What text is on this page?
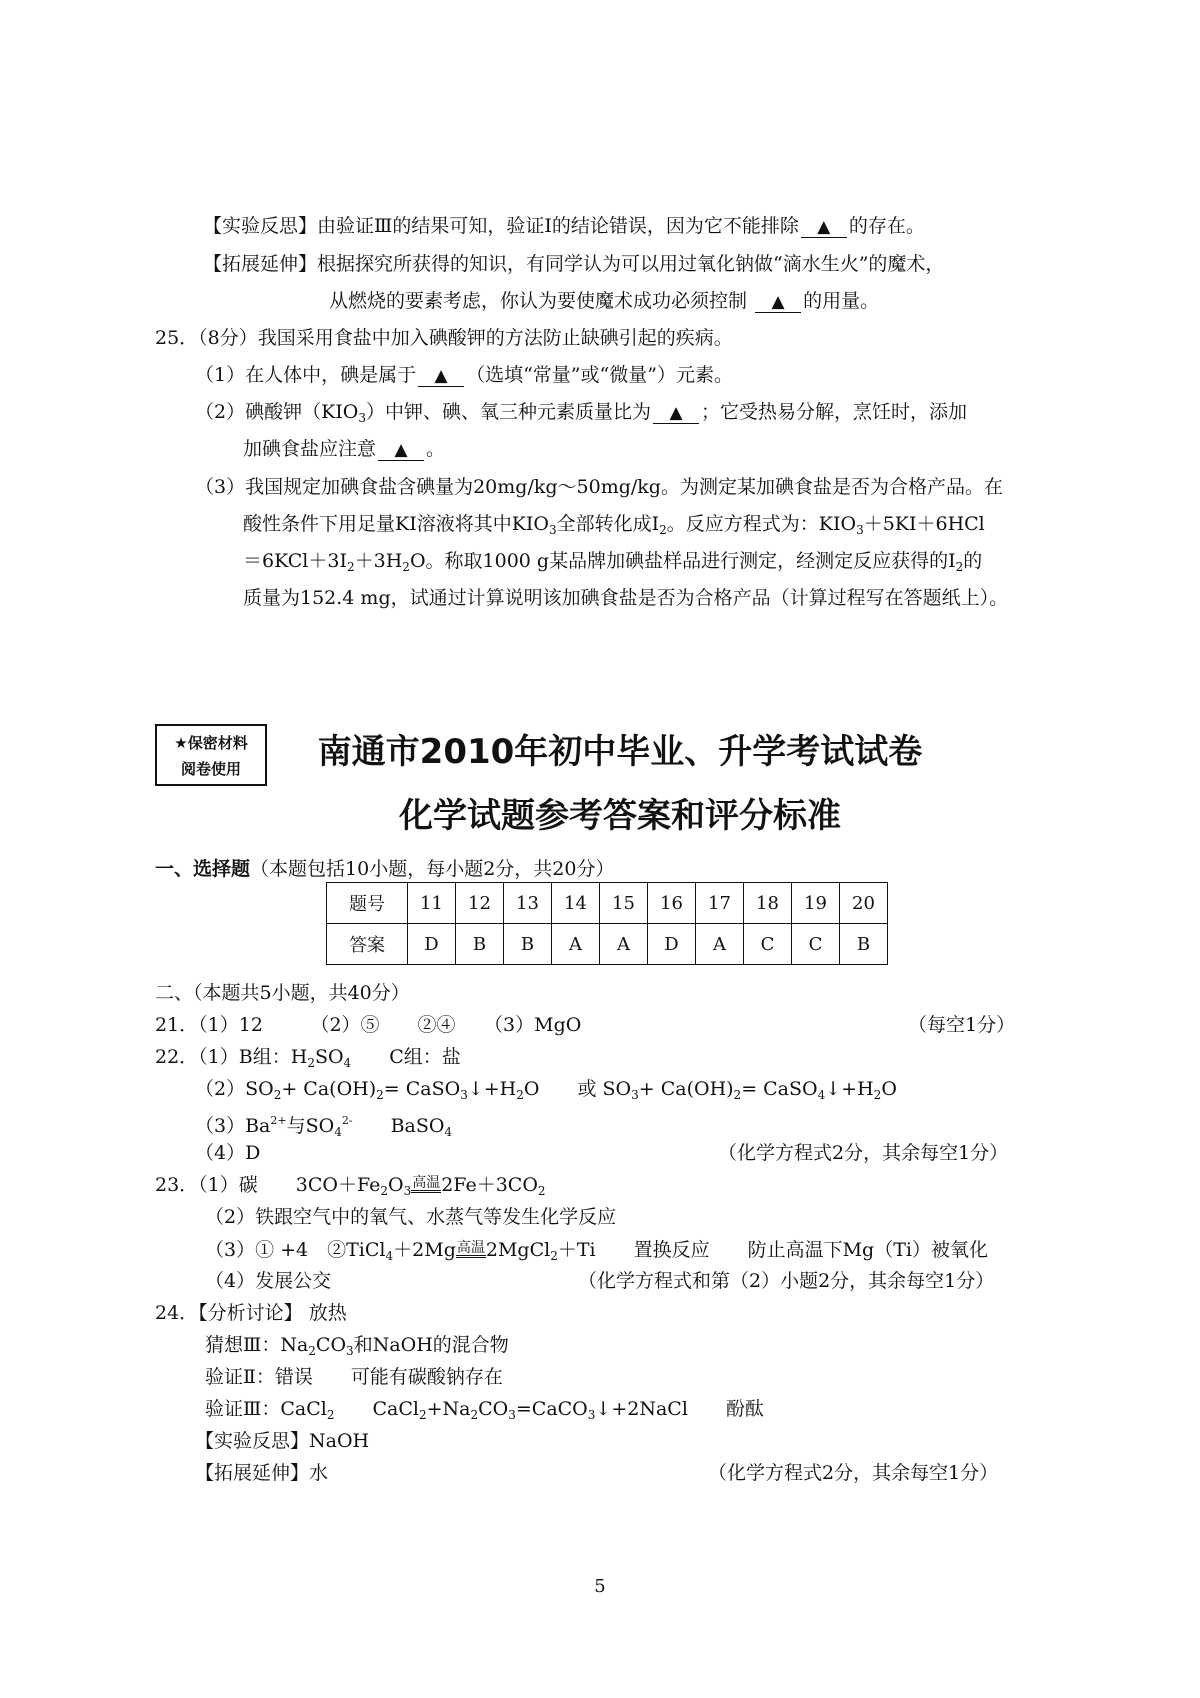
【实验反思】由验证Ⅲ的结果可知，验证Ⅰ的结论错误，因为它不能排除 ▲ 的存在。
【拓展延伸】根据探究所获得的知识，有同学认为可以用过氧化钠做“滴水生火”的魔术，
从燃烧的要素考虑，你认为要使魔术成功必须控制 ▲ 的用量。
25．（8分）我国采用食盐中加入碘酸钾的方法防止缺碘引起的疾病。
（1）在人体中，碘是属于 ▲ （选填“常量”或“微量”）元素。
（2）碘酸钾$(KIO_3)$中钾、碘、氧三种元素质量比为 ▲ ；它受热易分解，烹饪时，添加
加碘食盐应注意 ▲ 。
（3）我国规定加碘食盐含碘量为20mg/kg～50mg/kg。为测定某加碘食盐是否为合格产品。在
酸性条件下用足量KI溶液将其中$KIO_3$全部转化成$I_2$。反应方程式为：$KIO_3+5KI+6HCl$
$=6KCl+3I_2+3H_2O$。称取1000 g某品牌加碘盐样品进行测定，经测定反应获得的$I_2$的
质量为152.4 mg，试通过计算说明该加碘食盐是否为合格产品（计算过程写在答题纸上）。
★保密材料
阅卷使用	南通市2010年初中毕业、升学考试试卷
化学试题参考答案和评分标准
一、选择题（本题包括10小题，每小题2分，共20分）
题号	11	12	13	14	15	16	17	18	19	20
答案	D	B	B	A	A	D	A	C	C	B
二、（本题共5小题，共40分）
21．（1）12　　　（2）⑤　　②④　　（3）MgO	（每空1分）
22．（1）B组：$H_2SO_4$　　C组：盐
$(2)SO_2+ Ca(OH)_2=$ $CaSO_3↓+H_2O$　　或 $SO_3+ Ca(OH)_2=$ $CaSO_4↓+H_2O$
$(3)Ba^{2+}$与$SO_4^{2-}$　　BaSO$_4$
（4）D	（化学方程式2分，其余每空1分）
23．（1）碳　　$3CO+Fe_2O_3$高温$2Fe+3CO_2$
（2）铁跟空气中的氧气、水蒸气等发生化学反应
（3）① +4　②TiCl$_4$＋2Mg高温2MgCl$_2$＋Ti　　置换反应　　防止高温下Mg（Ti）被氧化
（4）发展公交	（化学方程式和第（2）小题2分，其余每空1分）
24．【分析讨论】 放热
猜想Ⅲ：$Na_2CO_3$和NaOH的混合物
验证Ⅱ：错误　　可能有碳酸钠存在
验证Ⅲ：CaCl$_2$　　$CaCl_2+Na_2CO_3=CaCO_3↓+2NaCl$　　酚酞
【实验反思】NaOH
【拓展延伸】水	（化学方程式2分，其余每空1分）
5
